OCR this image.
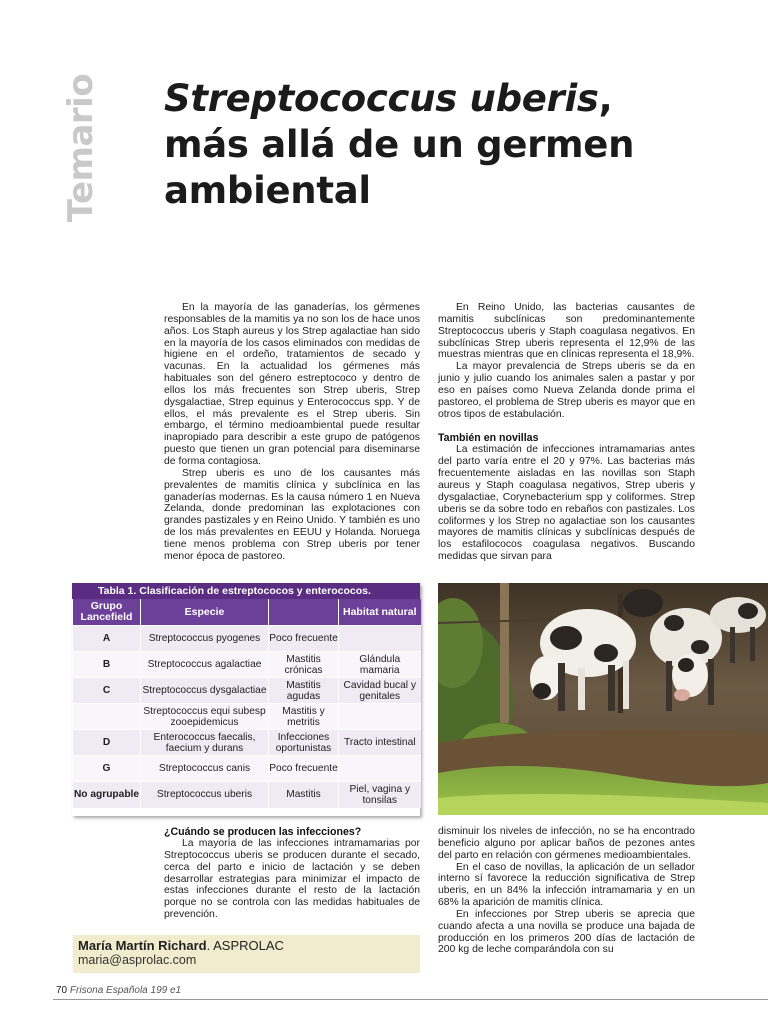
Temario Streptococcus uberis,
más allá de un germen
ambiental

En la mayoría de las ganaderías, los gérmenes responsables de la mamitis ya no son los de hace unos años. Los Staph aureus y los Strep agalactiae han sido en la mayoría de los casos eliminados con medidas de higiene en el ordeño, tratamientos de secado y vacunas. En la actualidad los gérmenes más habituales son del género estreptococo y dentro de ellos los más frecuentes son Strep uberis, Strep dysgalactiae, Strep equinus y Enterococcus spp. Y de ellos, el más prevalente es el Strep uberis. Sin embargo, el término medioambiental puede resultar inapropiado para describir a este grupo de patógenos puesto que tienen un gran potencial para diseminarse de forma contagiosa.

Strep uberis es uno de los causantes más prevalentes de mamitis clínica y subclínica en las ganaderías modernas. Es la causa número 1 en Nueva Zelanda, donde predominan las explotaciones con grandes pastizales y en Reino Unido. Y también es uno de los más prevalentes en EEUU y Holanda. Noruega tiene menos problema con Strep uberis por tener menor época de pastoreo.

En Reino Unido, las bacterias causantes de mamitis subclínicas son predominantemente Streptococcus uberis y Staph coagulasa negativos. En subclínicas Strep uberis representa el 12,9% de las muestras mientras que en clínicas representa el 18,9%.

La mayor prevalencia de Streps uberis se da en junio y julio cuando los animales salen a pastar y por eso en países como Nueva Zelanda donde prima el pastoreo, el problema de Strep uberis es mayor que en otros tipos de estabulación.

También en novillas

La estimación de infecciones intramamarias antes del parto varía entre el 20 y 97%. Las bacterias más frecuentemente aisladas en las novillas son Staph aureus y Staph coagulasa negativos, Strep uberis y dysgalactiae, Corynebacterium spp y coliformes. Strep uberis se da sobre todo en rebaños con pastizales. Los coliformes y los Strep no agalactiae son los causantes mayores de mamitis clínicas y subclínicas después de los estafilococos coagulasa negativos. Buscando medidas que sirvan para

Tabla 1. Clasificación de estreptococos y enterococos.
Grupo Lancefield	Especie		Habitat natural
A	Streptococcus pyogenes	Poco frecuente	
B	Streptococcus agalactiae	Mastitis crónicas	Glándula mamaria
C	Streptococcus dysgalactiae	Mastitis agudas	Cavidad bucal y genitales
	Streptococcus equi subesp zooepidemicus	Mastitis y metritis	
D	Enterococcus faecalis, faecium y durans	Infecciones oportunistas	Tracto intestinal
G	Streptococcus canis	Poco frecuente	
No agrupable	Streptococcus uberis	Mastitis	Piel, vagina y tonsilas

¿Cuándo se producen las infecciones?

La mayoría de las infecciones intramamarias por Streptococcus uberis se producen durante el secado, cerca del parto e inicio de lactación y se deben desarrollar estrategias para minimizar el impacto de estas infecciones durante el resto de la lactación porque no se controla con las medidas habituales de prevención.

disminuir los niveles de infección, no se ha encontrado beneficio alguno por aplicar baños de pezones antes del parto en relación con gérmenes medioambientales.

En el caso de novillas, la aplicación de un sellador interno sí favorece la reducción significativa de Strep uberis, en un 84% la infección intramamaria y en un 68% la aparición de mamitis clínica.

En infecciones por Strep uberis se aprecia que cuando afecta a una novilla se produce una bajada de producción en los primeros 200 días de lactación de 200 kg de leche comparándola con su

María Martín Richard. ASPROLAC
maria@asprolac.com
70 Frisona Española 199 e1
